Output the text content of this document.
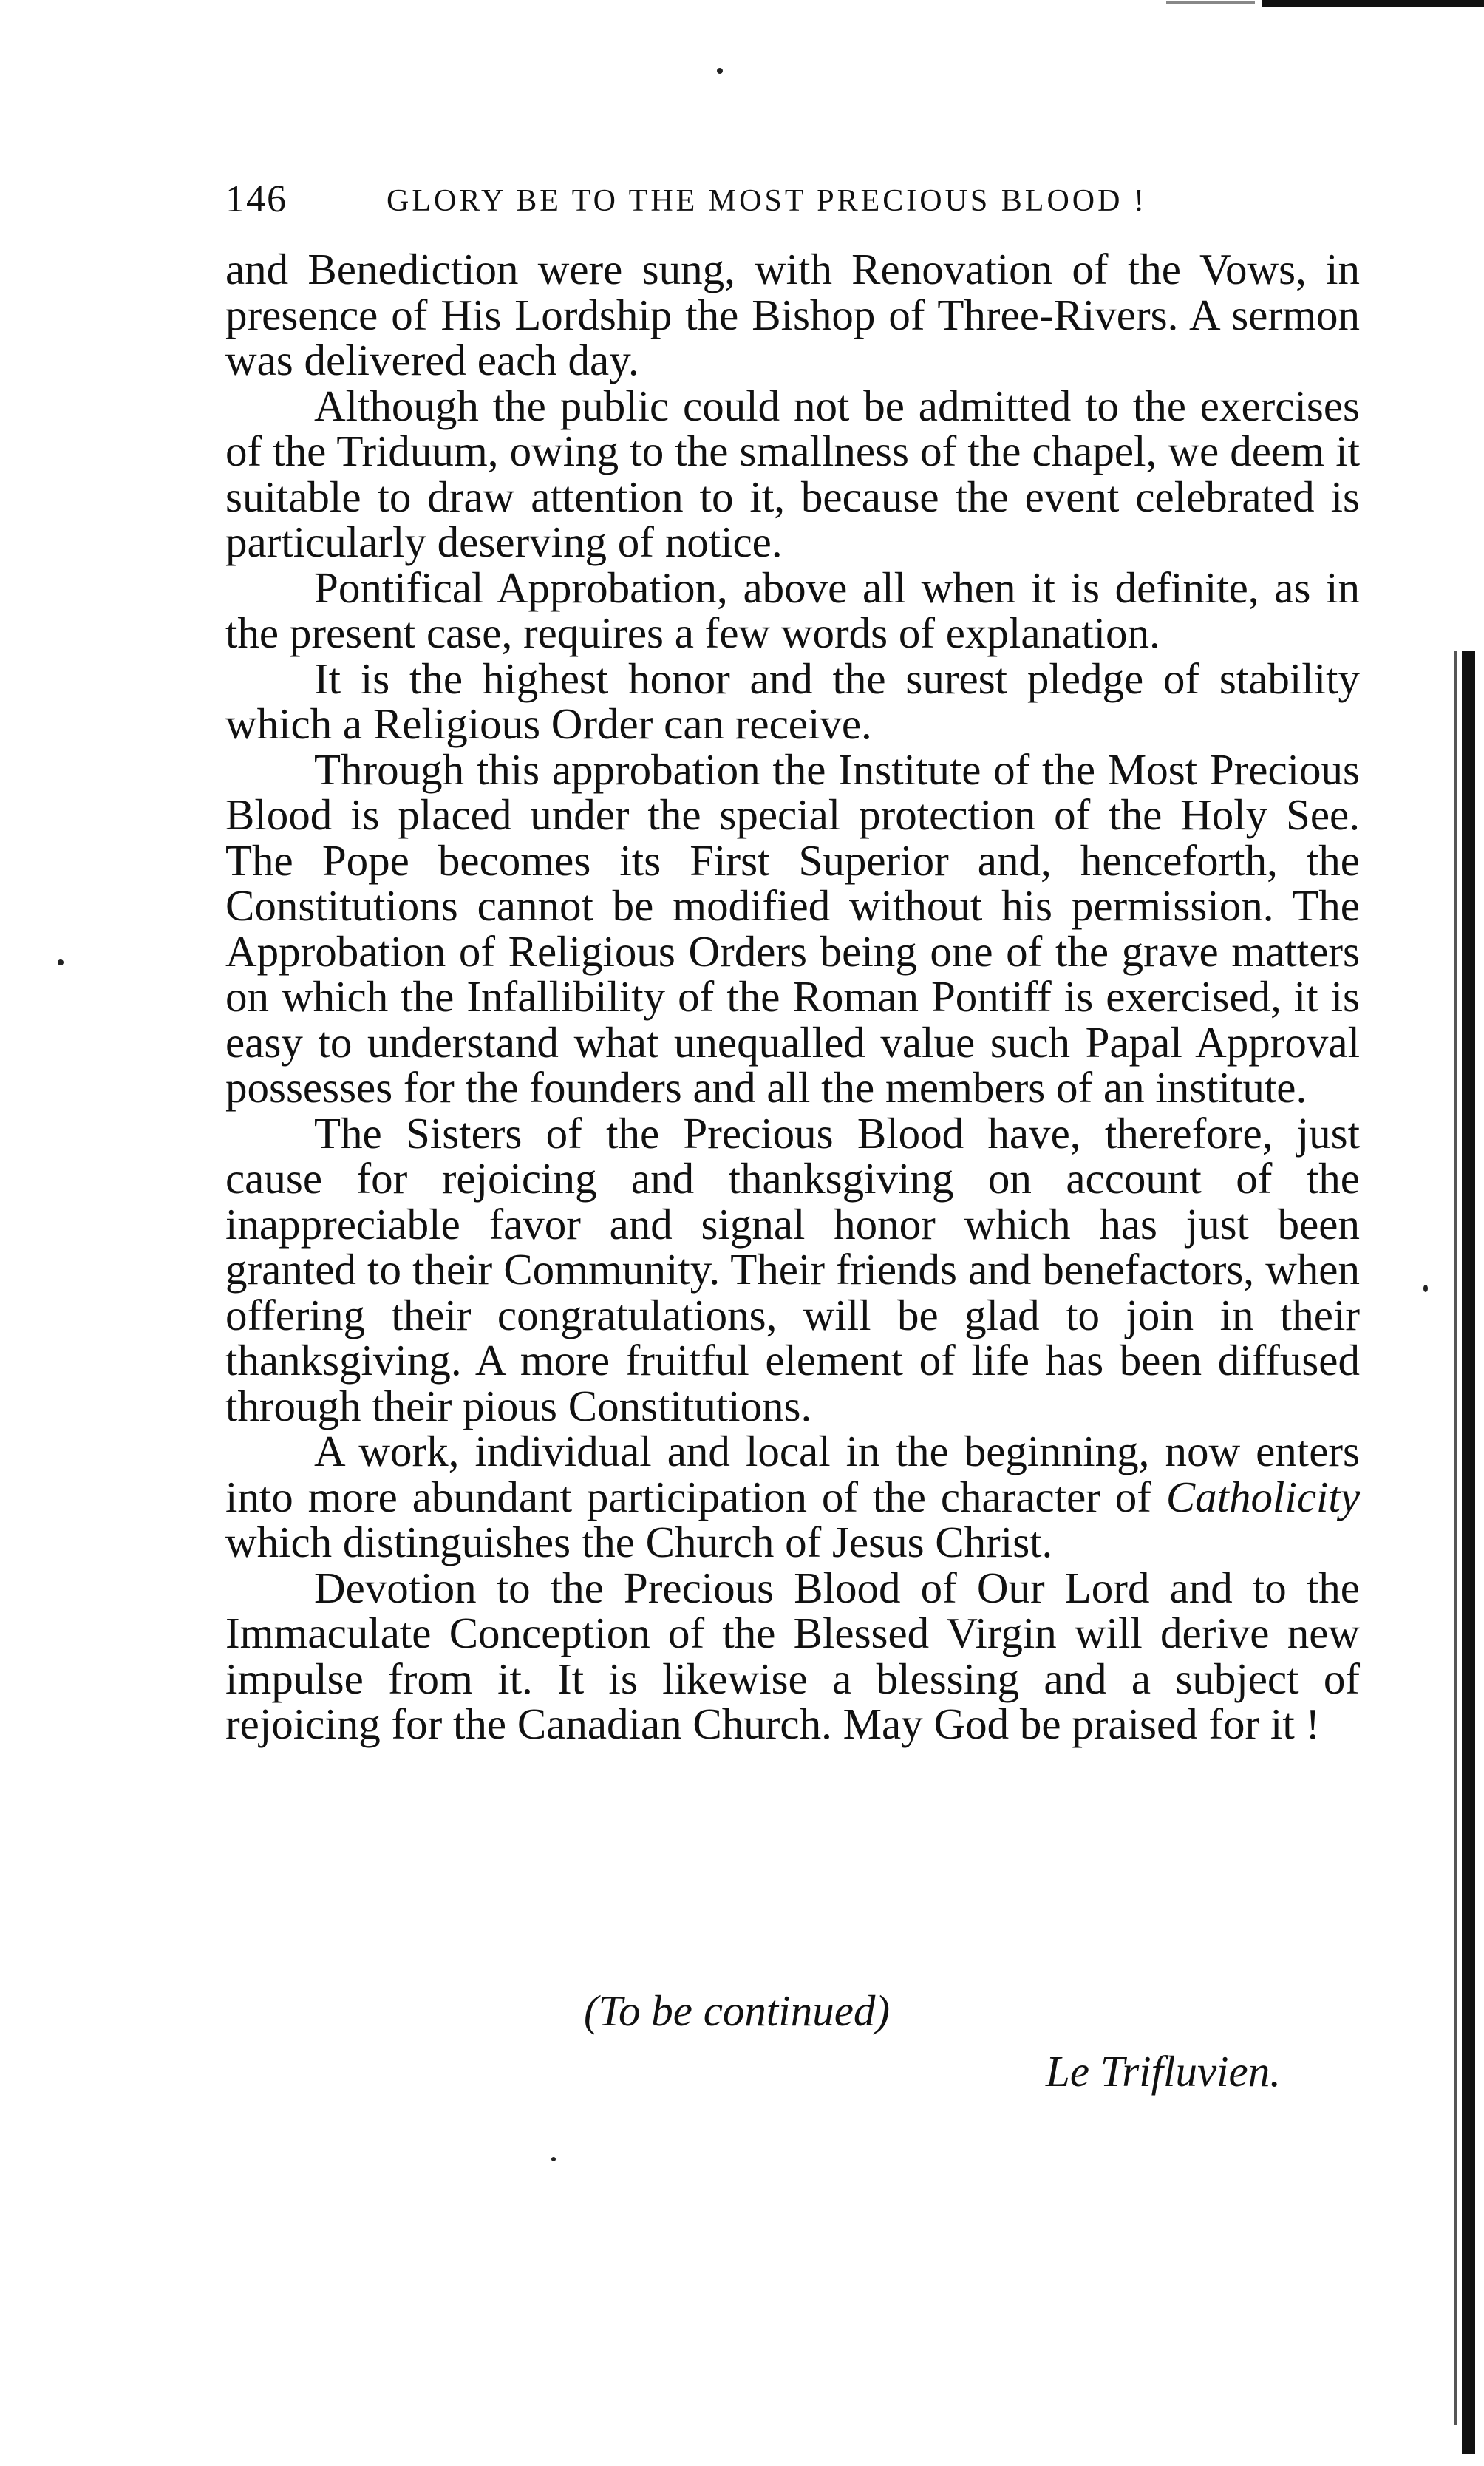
146	GLORY BE TO THE MOST PRECIOUS BLOOD !

and Benediction were sung, with Renovation of the Vows, in presence of His Lordship the Bishop of Three-Rivers. A sermon was delivered each day.

Although the public could not be admitted to the exercises of the Triduum, owing to the smallness of the chapel, we deem it suitable to draw attention to it, because the event celebrated is particularly deserving of notice.

Pontifical Approbation, above all when it is definite, as in the present case, requires a few words of explanation.

It is the highest honor and the surest pledge of stability which a Religious Order can receive.

Through this approbation the Institute of the Most Precious Blood is placed under the special protection of the Holy See. The Pope becomes its First Superior and, henceforth, the Constitutions cannot be modified without his permission. The Approbation of Religious Orders being one of the grave matters on which the Infallibility of the Roman Pontiff is exercised, it is easy to understand what unequalled value such Papal Approval possesses for the founders and all the members of an institute.

The Sisters of the Precious Blood have, therefore, just cause for rejoicing and thanksgiving on account of the inappreciable favor and signal honor which has just been granted to their Community. Their friends and benefactors, when offering their congratulations, will be glad to join in their thanksgiving. A more fruitful element of life has been diffused through their pious Constitutions.

A work, individual and local in the beginning, now enters into more abundant participation of the character of Catholicity which distinguishes the Church of Jesus Christ.

Devotion to the Precious Blood of Our Lord and to the Immaculate Conception of the Blessed Virgin will derive new impulse from it. It is likewise a blessing and a subject of rejoicing for the Canadian Church. May God be praised for it !

(To be continued)
Le Trifluvien.
